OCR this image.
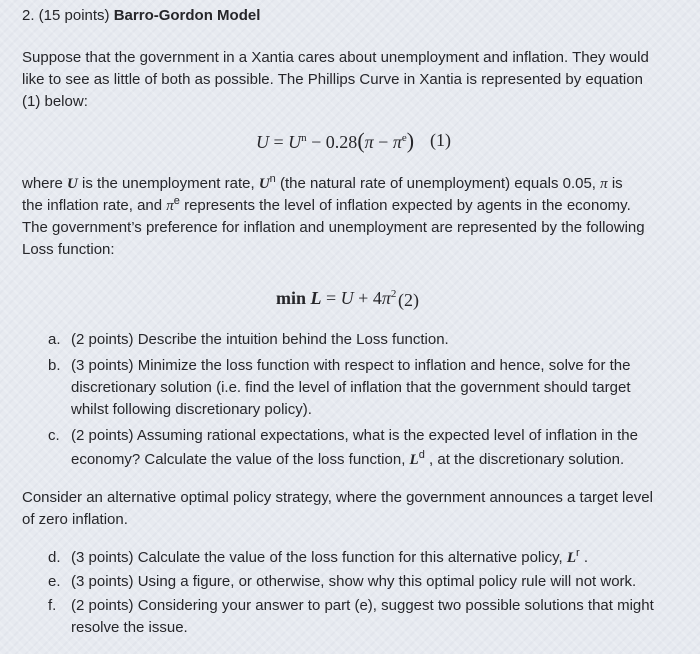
2. (15 points) Barro-Gordon Model
Suppose that the government in a Xantia cares about unemployment and inflation. They would
like to see as little of both as possible. The Phillips Curve in Xantia is represented by equation
(1) below:
$U = U^n - 0.28(\pi - \pi^e)$ (1)
where U is the unemployment rate, $U^n$ (the natural rate of unemployment) equals 0.05, π is
the inflation rate, and $\pi^e$ represents the level of inflation expected by agents in the economy.
The government’s preference for inflation and unemployment are represented by the following
Loss function:
$\min L = U + 4\pi^2$ (2)
a. (2 points) Describe the intuition behind the Loss function.
b. (3 points) Minimize the loss function with respect to inflation and hence, solve for the
discretionary solution (i.e. find the level of inflation that the government should target
whilst following discretionary policy).
c. (2 points) Assuming rational expectations, what is the expected level of inflation in the
economy? Calculate the value of the loss function, $L^d$ , at the discretionary solution.
Consider an alternative optimal policy strategy, where the government announces a target level
of zero inflation.
d. (3 points) Calculate the value of the loss function for this alternative policy, $L^r$ .
e. (3 points) Using a figure, or otherwise, show why this optimal policy rule will not work.
f. (2 points) Considering your answer to part (e), suggest two possible solutions that might
resolve the issue.
